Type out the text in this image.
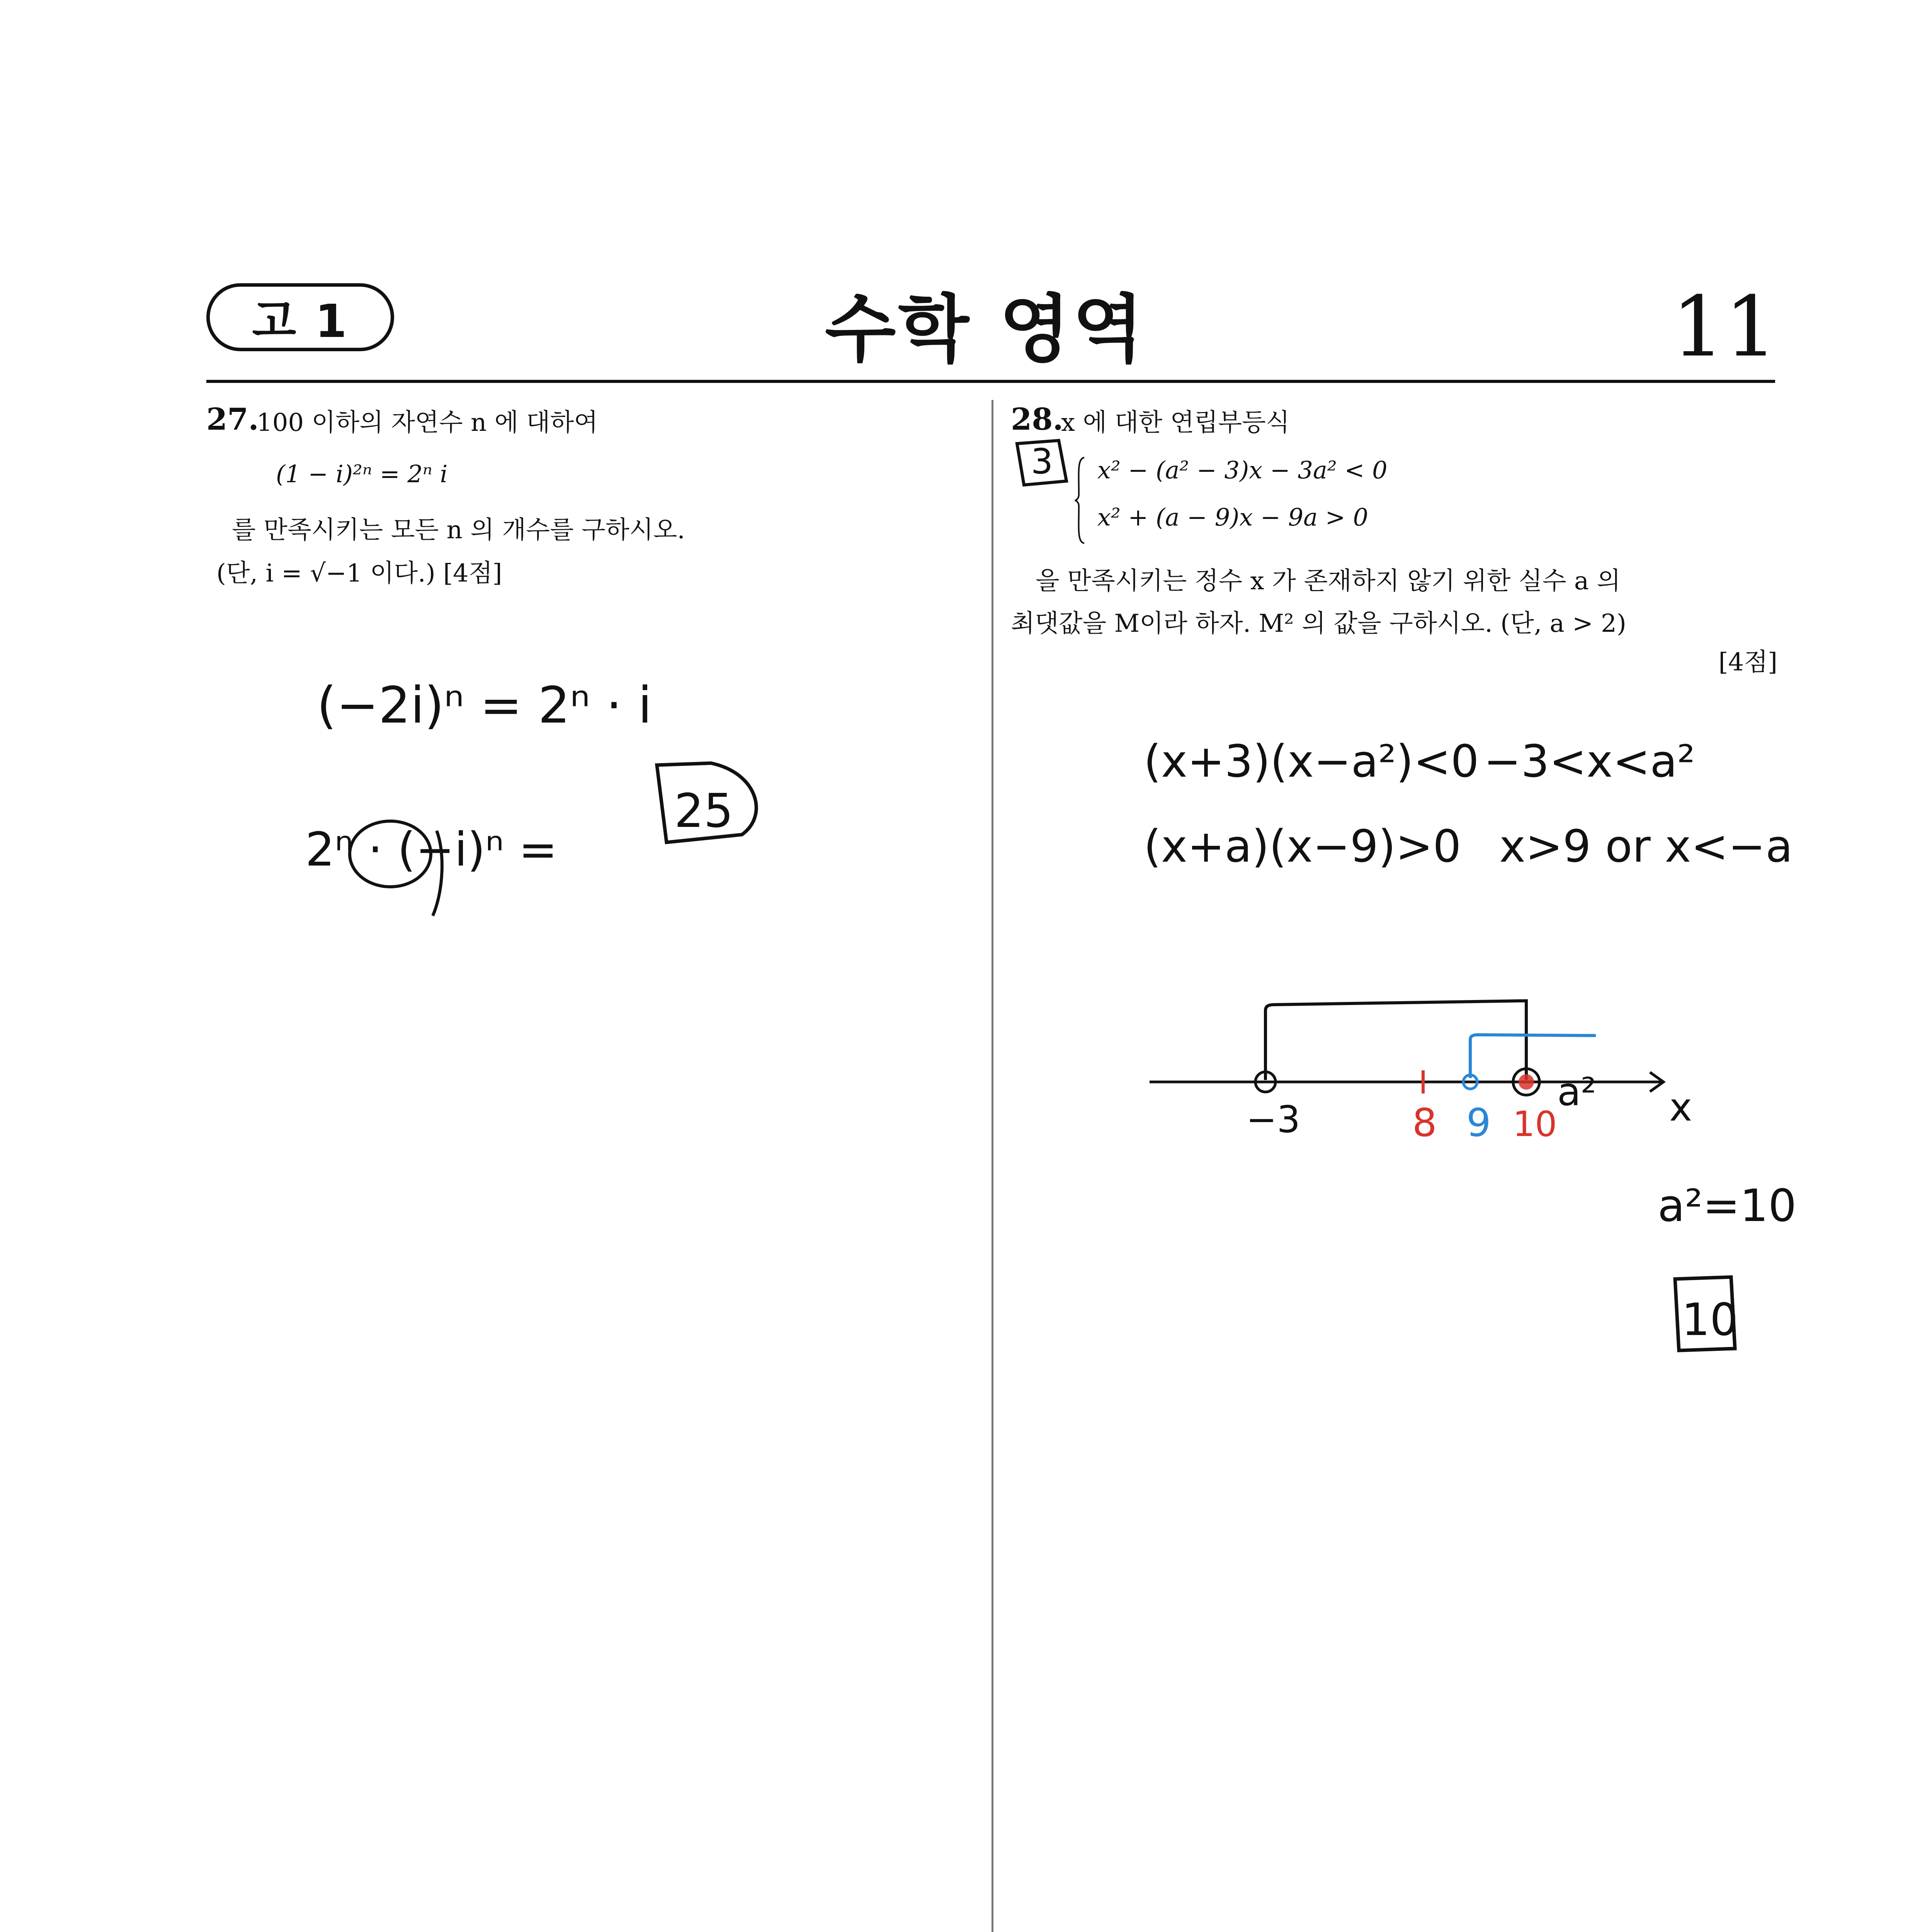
고 1	수학 영역	11
27.
100 이하의 자연수 n 에 대하여
(1 − i)²ⁿ = 2ⁿ i
를 만족시키는 모든 n 의 개수를 구하시오.
(단, i = √−1 이다.) [4점]
28.
x 에 대한 연립부등식
x² − (a² − 3)x − 3a² < 0
x² + (a − 9)x − 9a > 0
을 만족시키는 정수 x 가 존재하지 않기 위한 실수 a 의
최댓값을 M이라 하자. M² 의 값을 구하시오. (단, a > 2)
[4점]
(−2i)ⁿ = 2ⁿ · i
2ⁿ · (−i)ⁿ =
25
3
(x+3)(x−a²)<0 −3<x<a²
(x+a)(x−9)>0 x>9 or x<−a
−3	8 9 10
a² x
a²=10
10
